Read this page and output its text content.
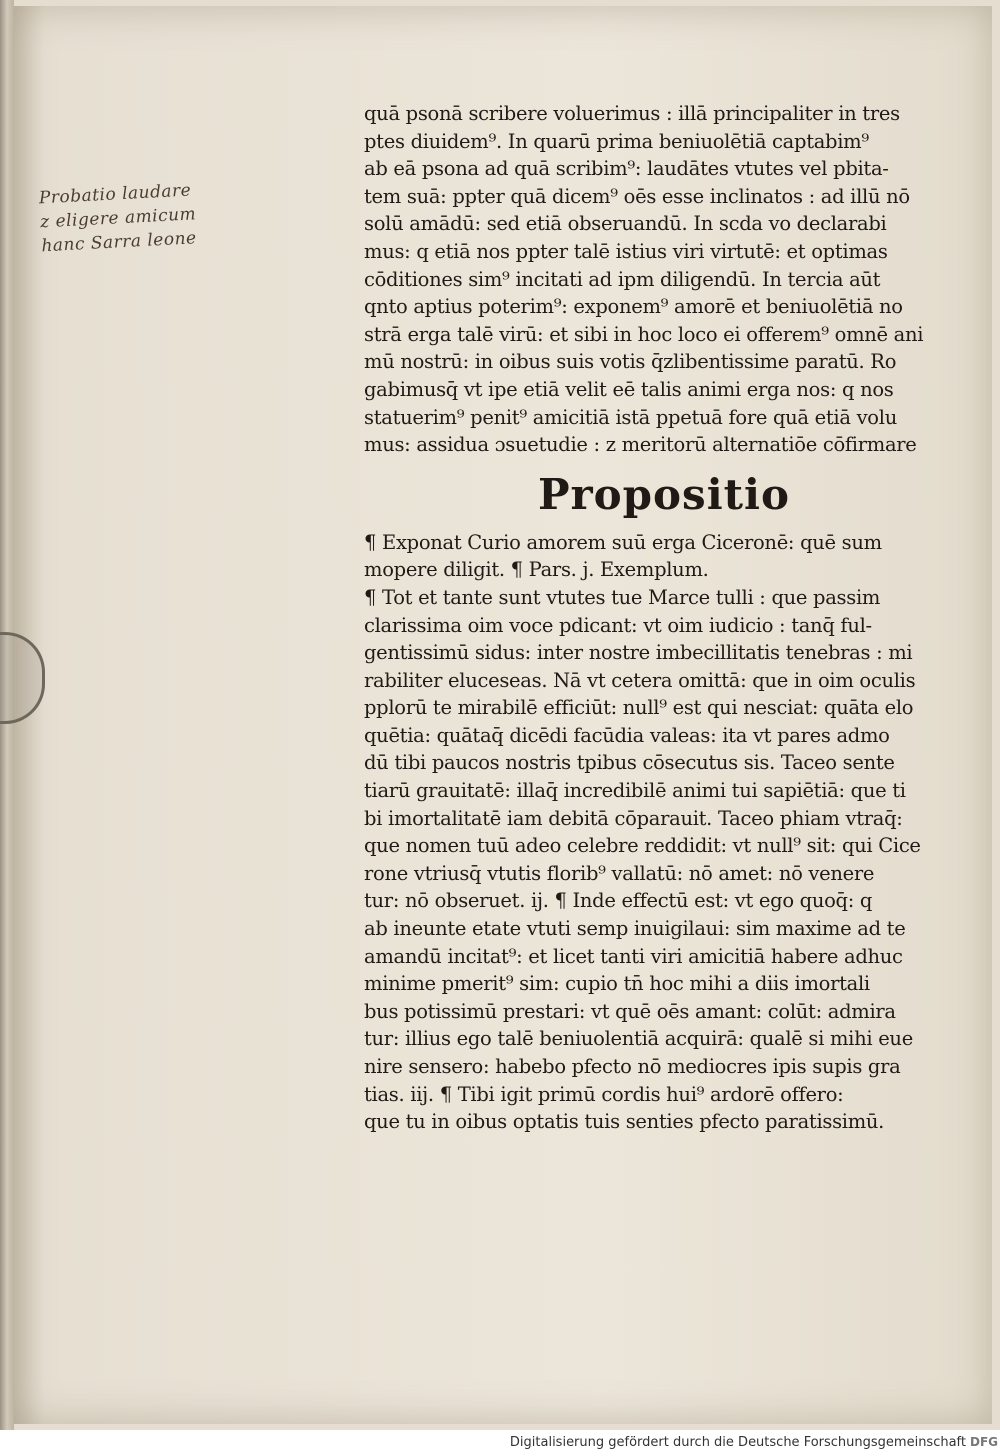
Probatio laudare
z eligere amicum
hanc Sarra leone
quā psonā scribere voluerimus : illā principaliter in tres
ptes diuidem⁹. In quarū prima beniuolētiā captabim⁹
ab eā psona ad quā scribim⁹: laudātes vtutes vel pbita-
tem suā: ppter quā dicem⁹ oēs esse inclinatos : ad illū nō
solū amādū: sed etiā obseruandū. In scda vo declarabi
mus: q etiā nos ppter talē istius viri virtutē: et optimas
cōditiones sim⁹ incitati ad ipm diligendū. In tercia aūt
qnto aptius poterim⁹: exponem⁹ amorē et beniuolētiā no
strā erga talē virū: et sibi in hoc loco ei offerem⁹ omnē ani
mū nostrū: in oibus suis votis q̄zlibentissime paratū. Ro
gabimusq̄ vt ipe etiā velit eē talis animi erga nos: q nos
statuerim⁹ penit⁹ amicitiā istā ppetuā fore quā etiā volu
mus: assidua ɔsuetudie : z meritorū alternatiōe cōfirmare
Propositio
¶ Exponat Curio amorem suū erga Ciceronē: quē sum
mopere diligit. ¶ Pars. j. Exemplum.
¶ Tot et tante sunt vtutes tue Marce tulli : que passim
clarissima oim voce pdicant: vt oim iudicio : tanq̄ ful-
gentissimū sidus: inter nostre imbecillitatis tenebras : mi
rabiliter eluceseas. Nā vt cetera omittā: que in oim oculis
pplorū te mirabilē efficiūt: null⁹ est qui nesciat: quāta elo
quētia: quātaq̄ dicēdi facūdia valeas: ita vt pares admo
dū tibi paucos nostris tpibus cōsecutus sis. Taceo sente
tiarū grauitatē: illaq̄ incredibilē animi tui sapiētiā: que ti
bi imortalitatē iam debitā cōparauit. Taceo phiam vtraq̄:
que nomen tuū adeo celebre reddidit: vt null⁹ sit: qui Cice
rone vtriusq̄ vtutis florib⁹ vallatū: nō amet: nō venere
tur: nō obseruet. ij. ¶ Inde effectū est: vt ego quoq̄: q
ab ineunte etate vtuti semp inuigilaui: sim maxime ad te
amandū incitat⁹: et licet tanti viri amicitiā habere adhuc
minime pmerit⁹ sim: cupio tn̄ hoc mihi a diis imortali
bus potissimū prestari: vt quē oēs amant: colūt: admira
tur: illius ego talē beniuolentiā acquirā: qualē si mihi eue
nire sensero: habebo pfecto nō mediocres ipis supis gra
tias. iij. ¶ Tibi igit primū cordis hui⁹ ardorē offero:
que tu in oibus optatis tuis senties pfecto paratissimū.
Digitalisierung gefördert durch die Deutsche Forschungsgemeinschaft DFG
